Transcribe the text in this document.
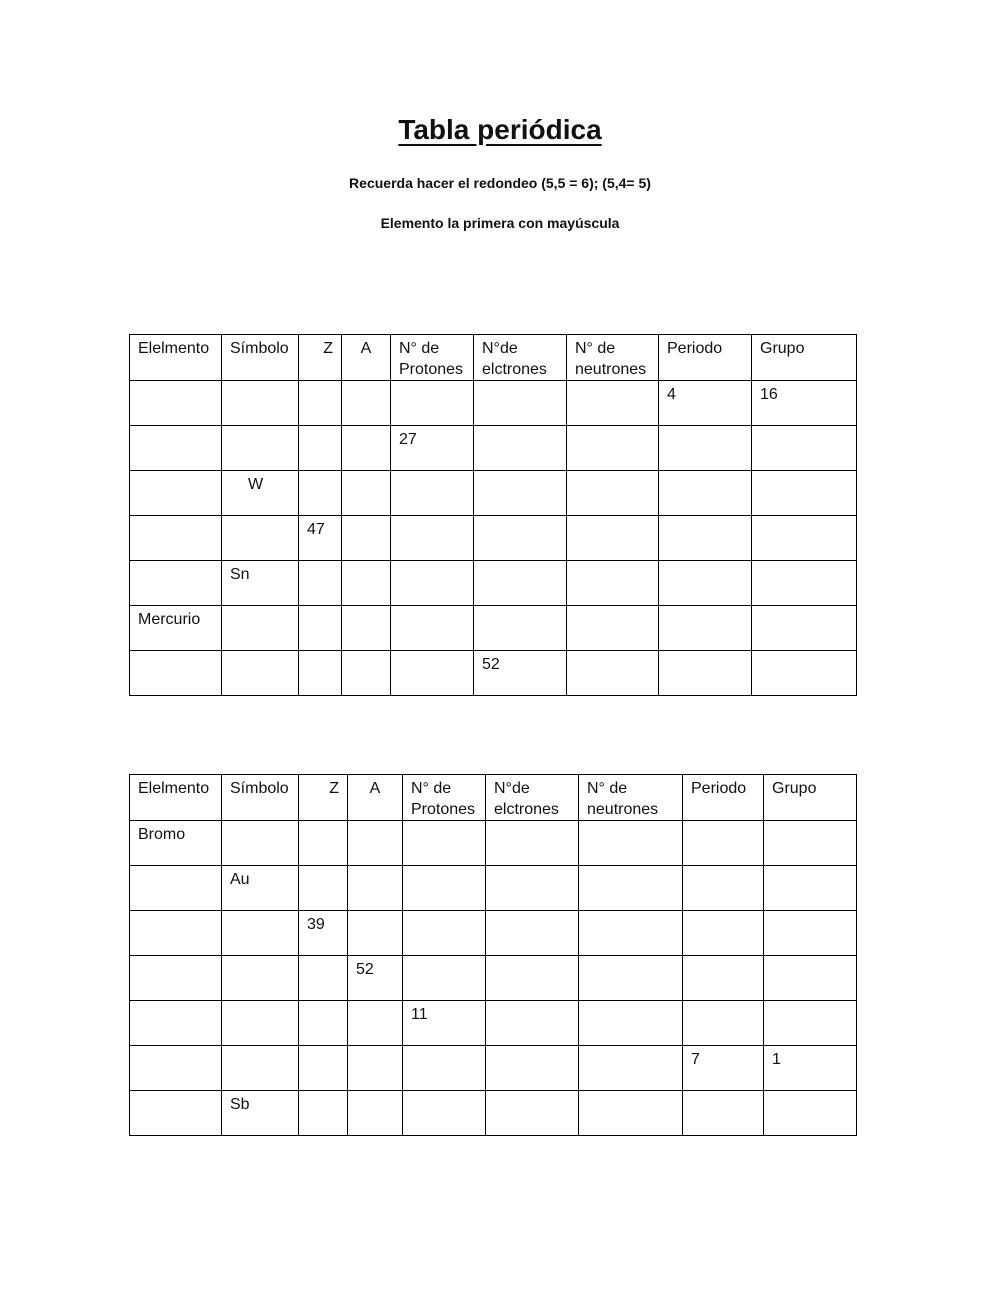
Tabla periódica
Recuerda hacer el redondeo (5,5 = 6); (5,4= 5)
Elemento la primera con mayúscula
Elelmento	Símbolo	Z	A	N° de Protones	N°de elctrones	N° de neutrones	Periodo	Grupo
							4	16
				27				
	W							
		47						
	Sn							
Mercurio								
					52			
Elelmento	Símbolo	Z	A	N° de Protones	N°de elctrones	N° de neutrones	Periodo	Grupo
Bromo								
	Au							
		39						
			52					
				11				
							7	1
	Sb							
